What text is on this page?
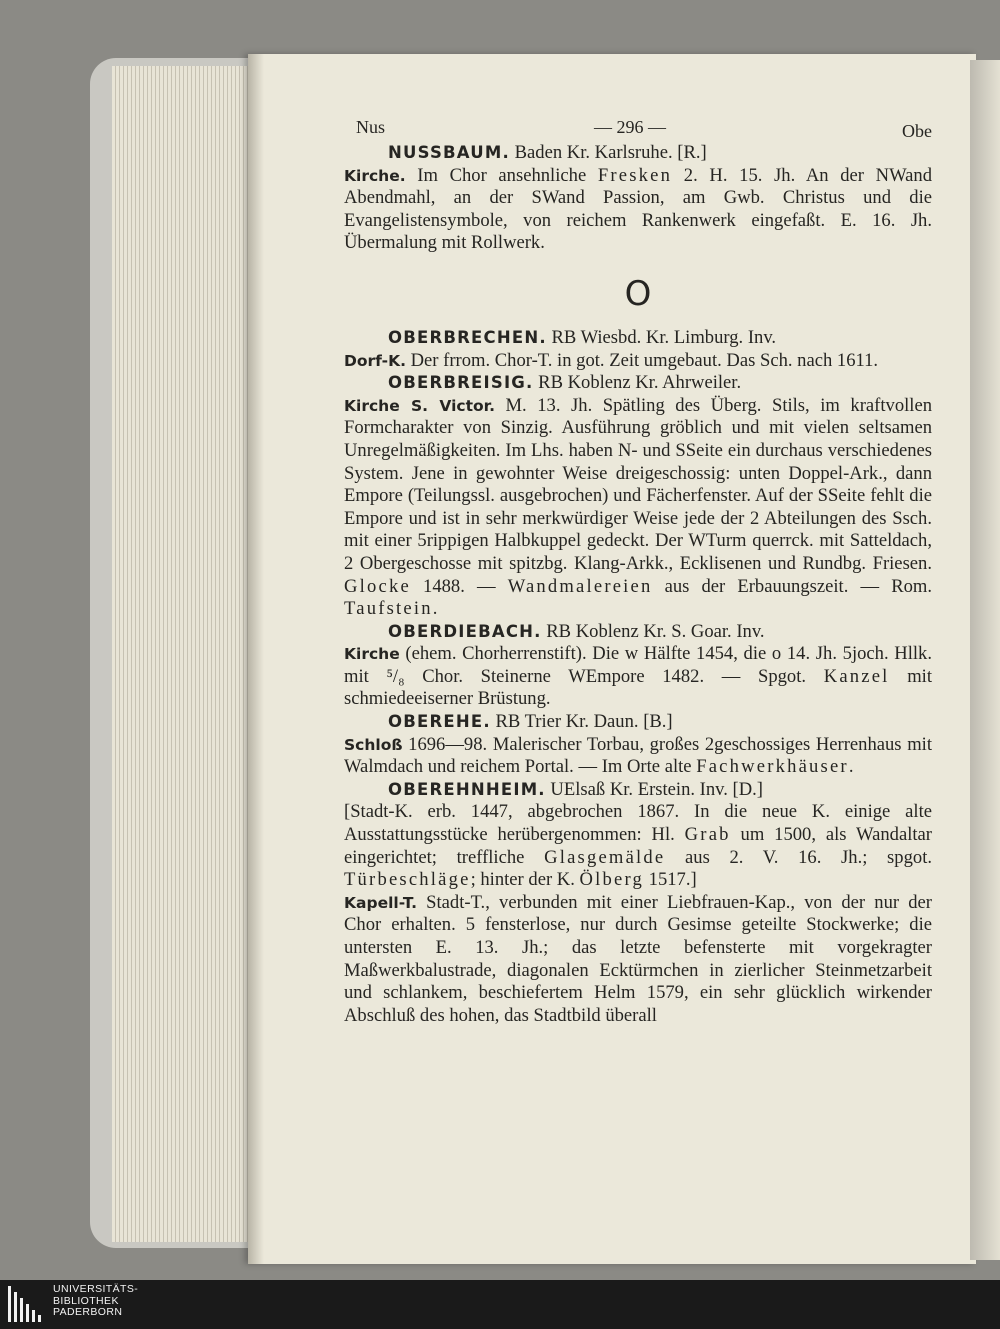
Nus	— 296 —	Obe

NUSSBAUM. Baden Kr. Karlsruhe. [R.]

Kirche. Im Chor ansehnliche Fresken 2. H. 15. Jh. An der NWand Abendmahl, an der SWand Passion, am Gwb. Christus und die Evangelistensymbole, von reichem Rankenwerk eingefaßt. E. 16. Jh. Übermalung mit Rollwerk.

O

OBERBRECHEN. RB Wiesbd. Kr. Limburg. Inv.

Dorf-K. Der frrom. Chor-T. in got. Zeit umgebaut. Das Sch. nach 1611.

OBERBREISIG. RB Koblenz Kr. Ahrweiler.

Kirche S. Victor. M. 13. Jh. Spätling des Überg. Stils, im kraftvollen Formcharakter von Sinzig. Ausführung gröblich und mit vielen seltsamen Unregelmäßigkeiten. Im Lhs. haben N- und SSeite ein durchaus verschiedenes System. Jene in gewohnter Weise dreigeschossig: unten Doppel-Ark., dann Empore (Teilungssl. ausgebrochen) und Fächerfenster. Auf der SSeite fehlt die Empore und ist in sehr merkwürdiger Weise jede der 2 Abteilungen des Ssch. mit einer 5rippigen Halbkuppel gedeckt. Der WTurm querrck. mit Satteldach, 2 Obergeschosse mit spitzbg. Klang-Arkk., Ecklisenen und Rundbg. Friesen. Glocke 1488. — Wandmalereien aus der Erbauungszeit. — Rom. Taufstein.

OBERDIEBACH. RB Koblenz Kr. S. Goar. Inv.

Kirche (ehem. Chorherrenstift). Die w Hälfte 1454, die o 14. Jh. 5joch. Hllk. mit ⁵/₈ Chor. Steinerne WEmpore 1482. — Spgot. Kanzel mit schmiedeeiserner Brüstung.

OBEREHE. RB Trier Kr. Daun. [B.]

Schloß 1696—98. Malerischer Torbau, großes 2geschossiges Herrenhaus mit Walmdach und reichem Portal. — Im Orte alte Fachwerkhäuser.

OBEREHNHEIM. UElsaß Kr. Erstein. Inv. [D.]

[Stadt-K. erb. 1447, abgebrochen 1867. In die neue K. einige alte Ausstattungsstücke herübergenommen: Hl. Grab um 1500, als Wandaltar eingerichtet; treffliche Glasgemälde aus 2. V. 16. Jh.; spgot. Türbeschläge; hinter der K. Ölberg 1517.]

Kapell-T. Stadt-T., verbunden mit einer Liebfrauen-Kap., von der nur der Chor erhalten. 5 fensterlose, nur durch Gesimse geteilte Stockwerke; die untersten E. 13. Jh.; das letzte befensterte mit vorgekragter Maßwerkbalustrade, diagonalen Ecktürmchen in zierlicher Steinmetzarbeit und schlankem, beschiefertem Helm 1579, ein sehr glücklich wirkender Abschluß des hohen, das Stadtbild überall

UNIVERSITÄTS-
BIBLIOTHEK
PADERBORN
